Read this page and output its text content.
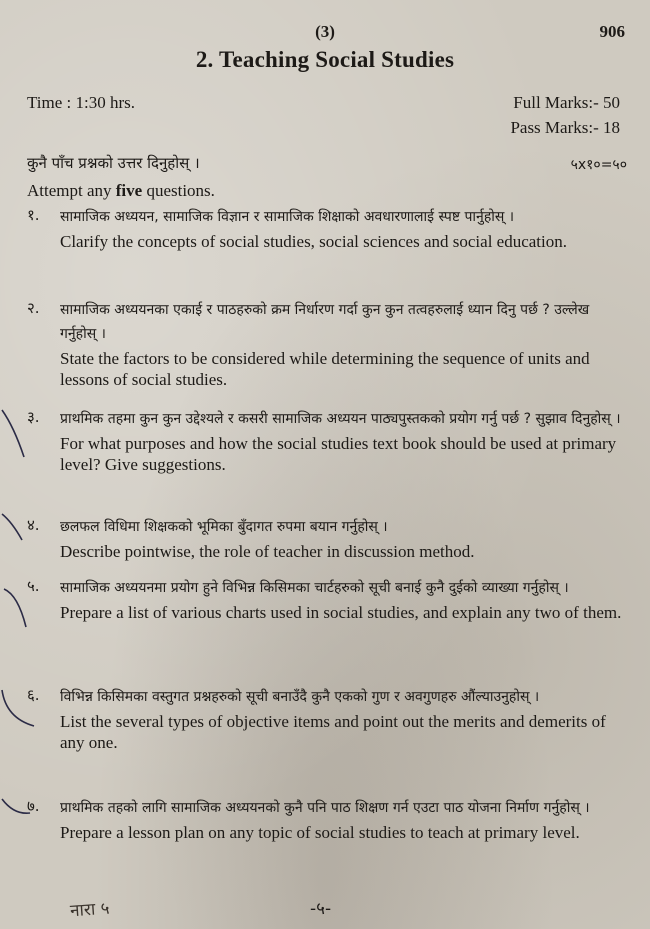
(3)	906
2. Teaching Social Studies
Time : 1:30 hrs.	Full Marks:- 50
Pass Marks:- 18
कुनै पाँच प्रश्नको उत्तर दिनुहोस् ।	५x१०=५०
Attempt any five questions.
१. सामाजिक अध्ययन, सामाजिक विज्ञान र सामाजिक शिक्षाको अवधारणालाई स्पष्ट पार्नुहोस् ।
Clarify the concepts of social studies, social sciences and social education.
२. सामाजिक अध्ययनका एकाई र पाठहरुको क्रम निर्धारण गर्दा कुन कुन तत्वहरुलाई ध्यान दिनु पर्छ ? उल्लेख गर्नुहोस् ।
State the factors to be considered while determining the sequence of units and lessons of social studies.
३. प्राथमिक तहमा कुन कुन उद्देश्यले र कसरी सामाजिक अध्ययन पाठ्यपुस्तकको प्रयोग गर्नु पर्छ ? सुझाव दिनुहोस् ।
For what purposes and how the social studies text book should be used at primary level? Give suggestions.
४. छलफल विधिमा शिक्षकको भूमिका बुँदागत रुपमा बयान गर्नुहोस् ।
Describe pointwise, the role of teacher in discussion method.
५. सामाजिक अध्ययनमा प्रयोग हुने विभिन्न किसिमका चार्टहरुको सूची बनाई कुनै दुईको व्याख्या गर्नुहोस् ।
Prepare a list of various charts used in social studies, and explain any two of them.
६. विभिन्न किसिमका वस्तुगत प्रश्नहरुको सूची बनाउँदै कुनै एकको गुण र अवगुणहरु औंल्याउनुहोस् ।
List the several types of objective items and point out the merits and demerits of any one.
७. प्राथमिक तहको लागि सामाजिक अध्ययनको कुनै पनि पाठ शिक्षण गर्न एउटा पाठ योजना निर्माण गर्नुहोस् ।
Prepare a lesson plan on any topic of social studies to teach at primary level.
नारा ५	-५-
